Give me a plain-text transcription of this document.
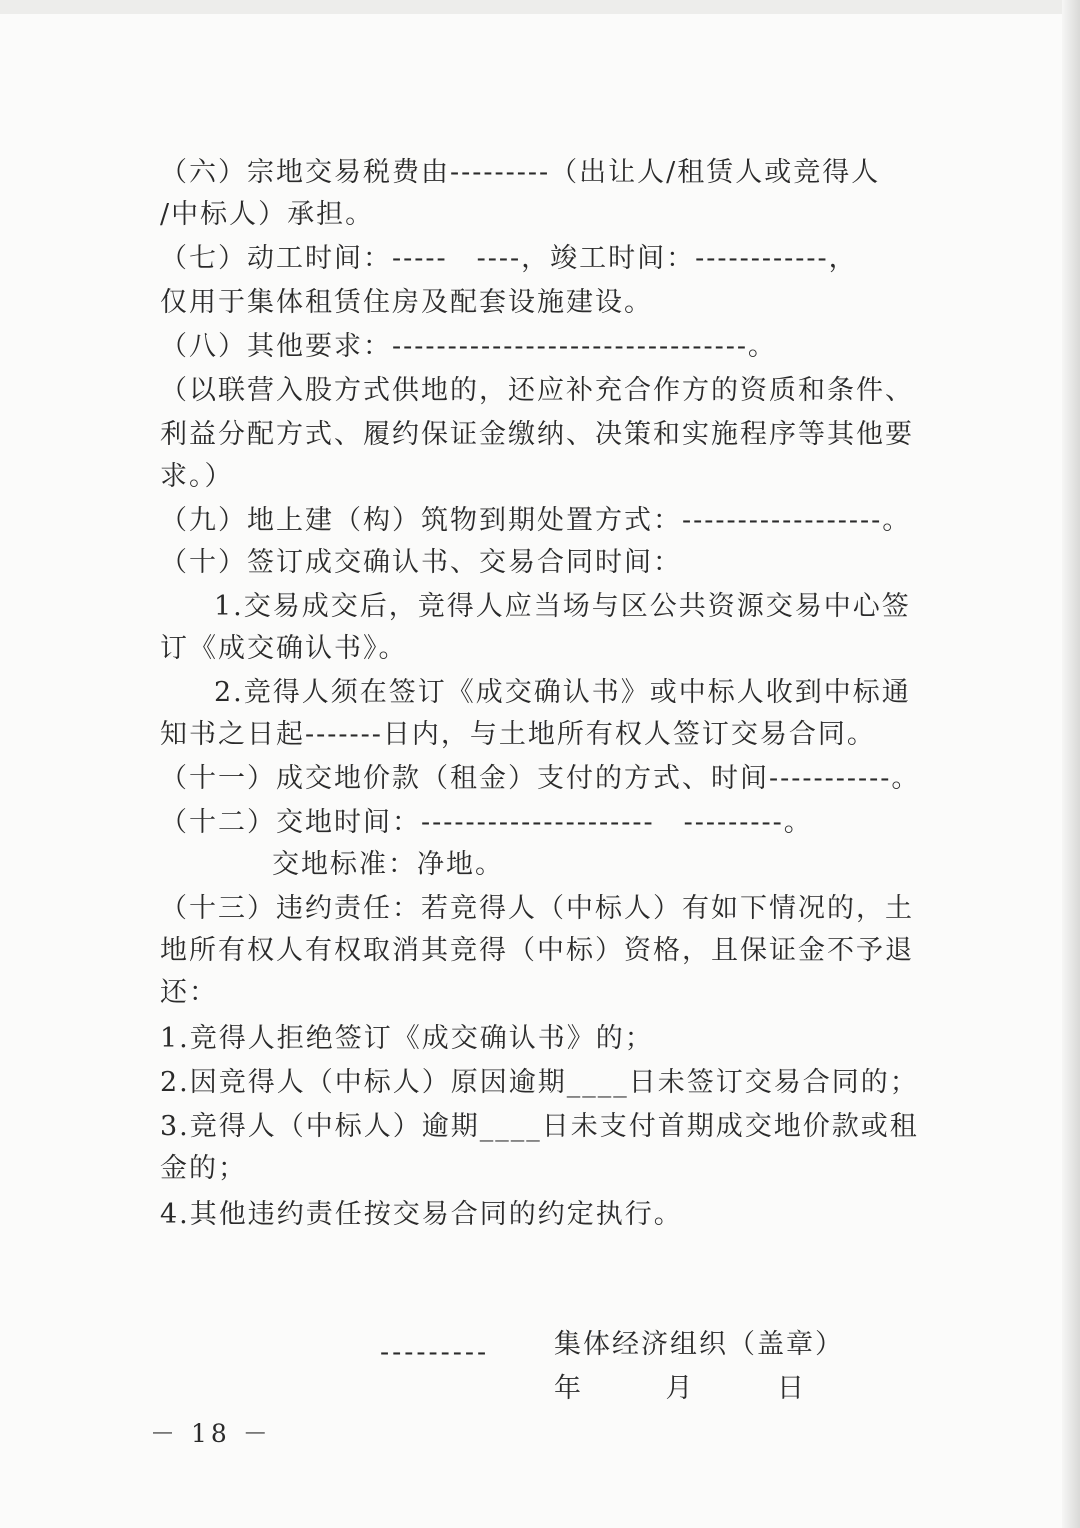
（六）宗地交易税费由---------（出让人/租赁人或竞得人
/中标人）承担。
（七）动工时间：-----　----，竣工时间：------------，
仅用于集体租赁住房及配套设施建设。
（八）其他要求：--------------------------------。
（以联营入股方式供地的，还应补充合作方的资质和条件、
利益分配方式、履约保证金缴纳、决策和实施程序等其他要
求。）
（九）地上建（构）筑物到期处置方式：------------------。
（十）签订成交确认书、交易合同时间：
1.交易成交后，竞得人应当场与区公共资源交易中心签
订《成交确认书》。
2.竞得人须在签订《成交确认书》或中标人收到中标通
知书之日起-------日内，与土地所有权人签订交易合同。
（十一）成交地价款（租金）支付的方式、时间-----------。
（十二）交地时间：---------------------　---------。
交地标准：净地。
（十三）违约责任：若竞得人（中标人）有如下情况的，土
地所有权人有权取消其竞得（中标）资格，且保证金不予退
还：
1.竞得人拒绝签订《成交确认书》的；
2.因竞得人（中标人）原因逾期____日未签订交易合同的；
3.竞得人（中标人）逾期____日未支付首期成交地价款或租
金的；
4.其他违约责任按交易合同的约定执行。
--------- 集体经济组织（盖章）
年	月	日
－ 18 －
